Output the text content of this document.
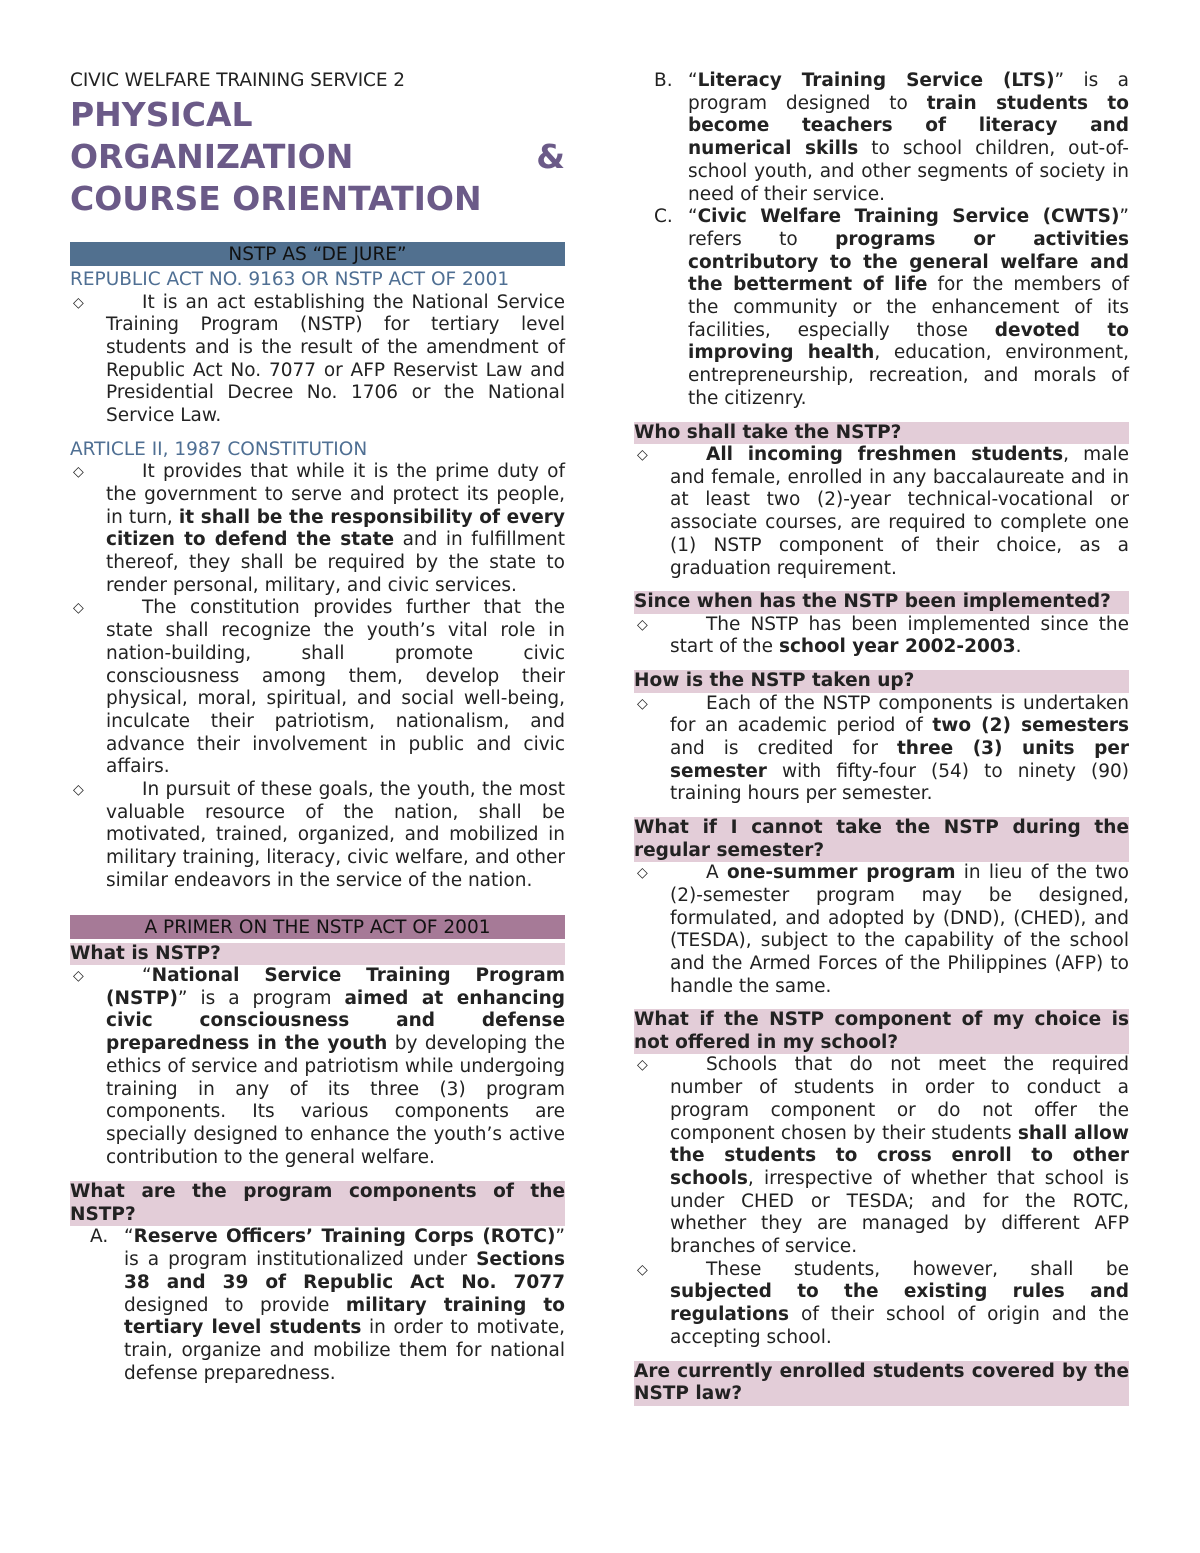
CIVIC WELFARE TRAINING SERVICE 2

PHYSICAL
ORGANIZATION	&
COURSE ORIENTATION
NSTP AS “DE JURE”

REPUBLIC ACT NO. 9163 OR NSTP ACT OF 2001

◇	It is an act establishing the National Service Training Program (NSTP) for tertiary level students and is the result of the amendment of Republic Act No. 7077 or AFP Reservist Law and Presidential Decree No. 1706 or the National Service Law.

ARTICLE II, 1987 CONSTITUTION

◇	It provides that while it is the prime duty of the government to serve and protect its people, in turn, it shall be the responsibility of every citizen to defend the state and in fulfillment thereof, they shall be required by the state to render personal, military, and civic services.
◇	The constitution provides further that the state shall recognize the youth’s vital role in nation-building, shall promote civic consciousness among them, develop their physical, moral, spiritual, and social well-being, inculcate their patriotism, nationalism, and advance their involvement in public and civic affairs.
◇	In pursuit of these goals, the youth, the most valuable resource of the nation, shall be motivated, trained, organized, and mobilized in military training, literacy, civic welfare, and other similar endeavors in the service of the nation.
A PRIMER ON THE NSTP ACT OF 2001

What is NSTP?

◇	“National Service Training Program (NSTP)” is a program aimed at enhancing civic consciousness and defense preparedness in the youth by developing the ethics of service and patriotism while undergoing training in any of its three (3) program components. Its various components are specially designed to enhance the youth’s active contribution to the general welfare.

What are the program components of the NSTP?

A. “Reserve Officers’ Training Corps (ROTC)” is a program institutionalized under Sections 38 and 39 of Republic Act No. 7077 designed to provide military training to tertiary level students in order to motivate, train, organize and mobilize them for national defense preparedness.
B. “Literacy Training Service (LTS)” is a program designed to train students to become teachers of literacy and numerical skills to school children, out-of-school youth, and other segments of society in need of their service.
C. “Civic Welfare Training Service (CWTS)” refers to programs or activities contributory to the general welfare and the betterment of life for the members of the community or the enhancement of its facilities, especially those devoted to improving health, education, environment, entrepreneurship, recreation, and morals of the citizenry.

Who shall take the NSTP?

◇	All incoming freshmen students, male and female, enrolled in any baccalaureate and in at least two (2)-year technical-vocational or associate courses, are required to complete one (1) NSTP component of their choice, as a graduation requirement.

Since when has the NSTP been implemented?

◇	The NSTP has been implemented since the start of the school year 2002-2003.

How is the NSTP taken up?

◇	Each of the NSTP components is undertaken for an academic period of two (2) semesters and is credited for three (3) units per semester with fifty-four (54) to ninety (90) training hours per semester.

What if I cannot take the NSTP during the regular semester?

◇	A one-summer program in lieu of the two (2)-semester program may be designed, formulated, and adopted by (DND), (CHED), and (TESDA), subject to the capability of the school and the Armed Forces of the Philippines (AFP) to handle the same.

What if the NSTP component of my choice is not offered in my school?

◇	Schools that do not meet the required number of students in order to conduct a program component or do not offer the component chosen by their students shall allow the students to cross enroll to other schools, irrespective of whether that school is under CHED or TESDA; and for the ROTC, whether they are managed by different AFP branches of service.
◇	These students, however, shall be subjected to the existing rules and regulations of their school of origin and the accepting school.

Are currently enrolled students covered by the NSTP law?
